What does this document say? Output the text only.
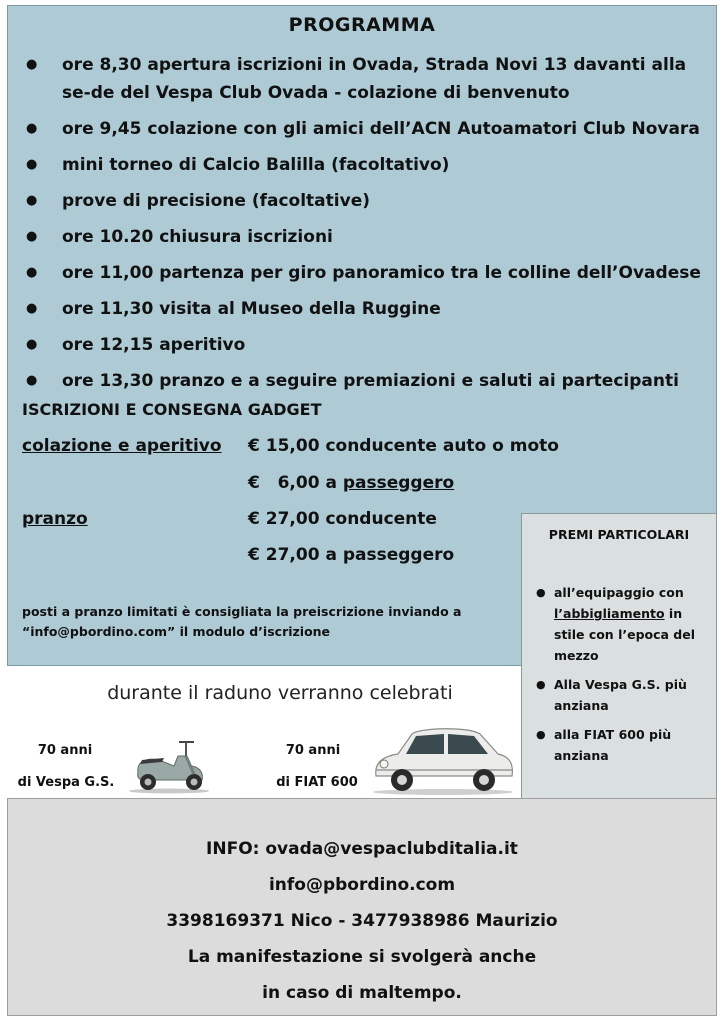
PROGRAMMA
● ore 8,30 apertura iscrizioni in Ovada, Strada Novi 13 davanti alla se-de del Vespa Club Ovada - colazione di benvenuto
● ore 9,45 colazione con gli amici dell’ACN Autoamatori Club Novara
● mini torneo di Calcio Balilla (facoltativo)
● prove di precisione (facoltative)
● ore 10.20 chiusura iscrizioni
● ore 11,00 partenza per giro panoramico tra le colline dell’Ovadese
● ore 11,30 visita al Museo della Ruggine
● ore 12,15 aperitivo
● ore 13,30 pranzo e a seguire premiazioni e saluti ai partecipanti
ISCRIZIONI E CONSEGNA GADGET
colazione e aperitivo € 15,00 conducente auto o moto
€   6,00 a passeggero
pranzo	€ 27,00 conducente
€ 27,00 a passeggero
posti a pranzo limitati è consigliata la preiscrizione inviando a “info@pbordino.com” il modulo d’iscrizione
durante il raduno verranno celebrati
70 anni
di Vespa G.S.
70 anni
di FIAT 600
PREMI PARTICOLARI
● all’equipaggio con l’abbigliamento in stile con l’epoca del mezzo
● Alla Vespa G.S. più anziana
● alla FIAT 600 più anziana
INFO: ovada@vespaclubditalia.it
info@pbordino.com
3398169371 Nico - 3477938986 Maurizio
La manifestazione si svolgerà anche
in caso di maltempo.
